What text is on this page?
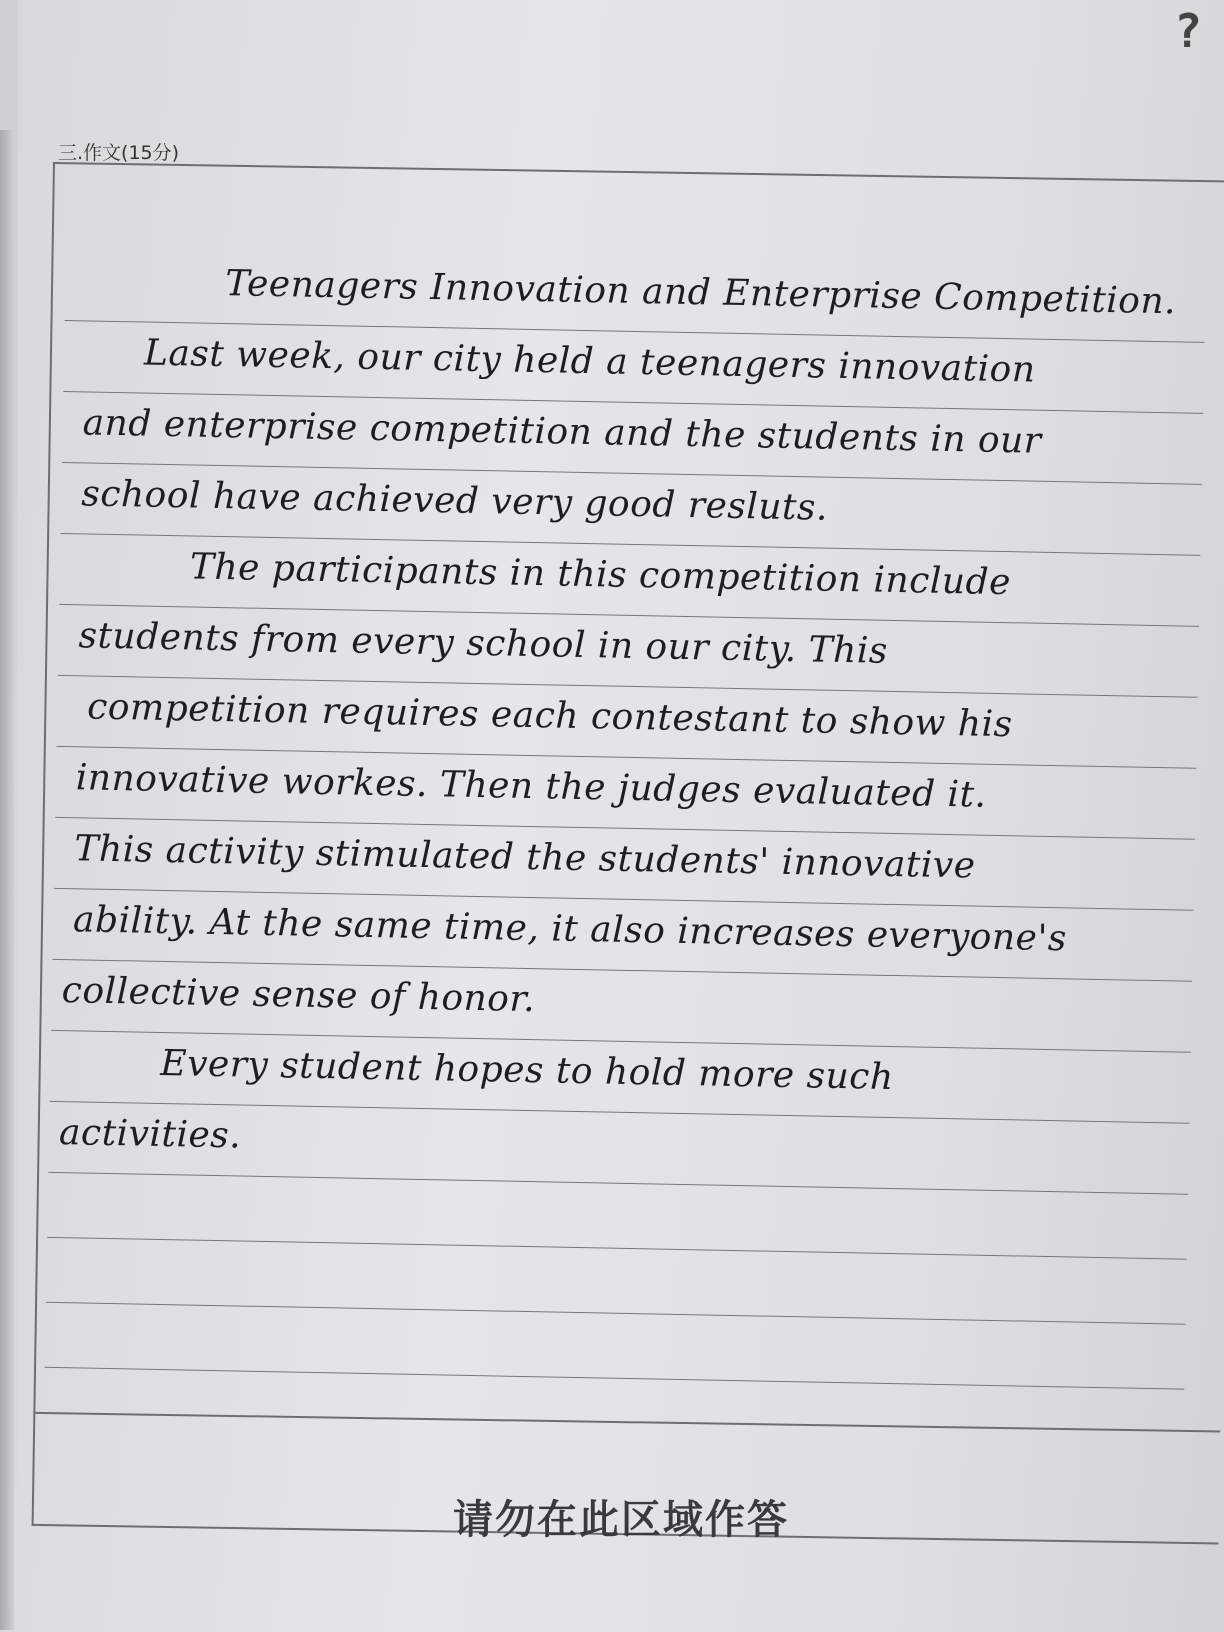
?
三.作文(15分)
Teenagers Innovation and Enterprise Competition.
Last week, our city held a teenagers innovation
and enterprise competition and the students in our
school have achieved very good resluts.
The participants in this competition include
students from every school in our city. This
competition requires each contestant to show his
innovative workes. Then the judges evaluated it.
This activity stimulated the students' innovative
ability. At the same time, it also increases everyone's
collective sense of honor.
Every student hopes to hold more such
activities.
请勿在此区域作答
